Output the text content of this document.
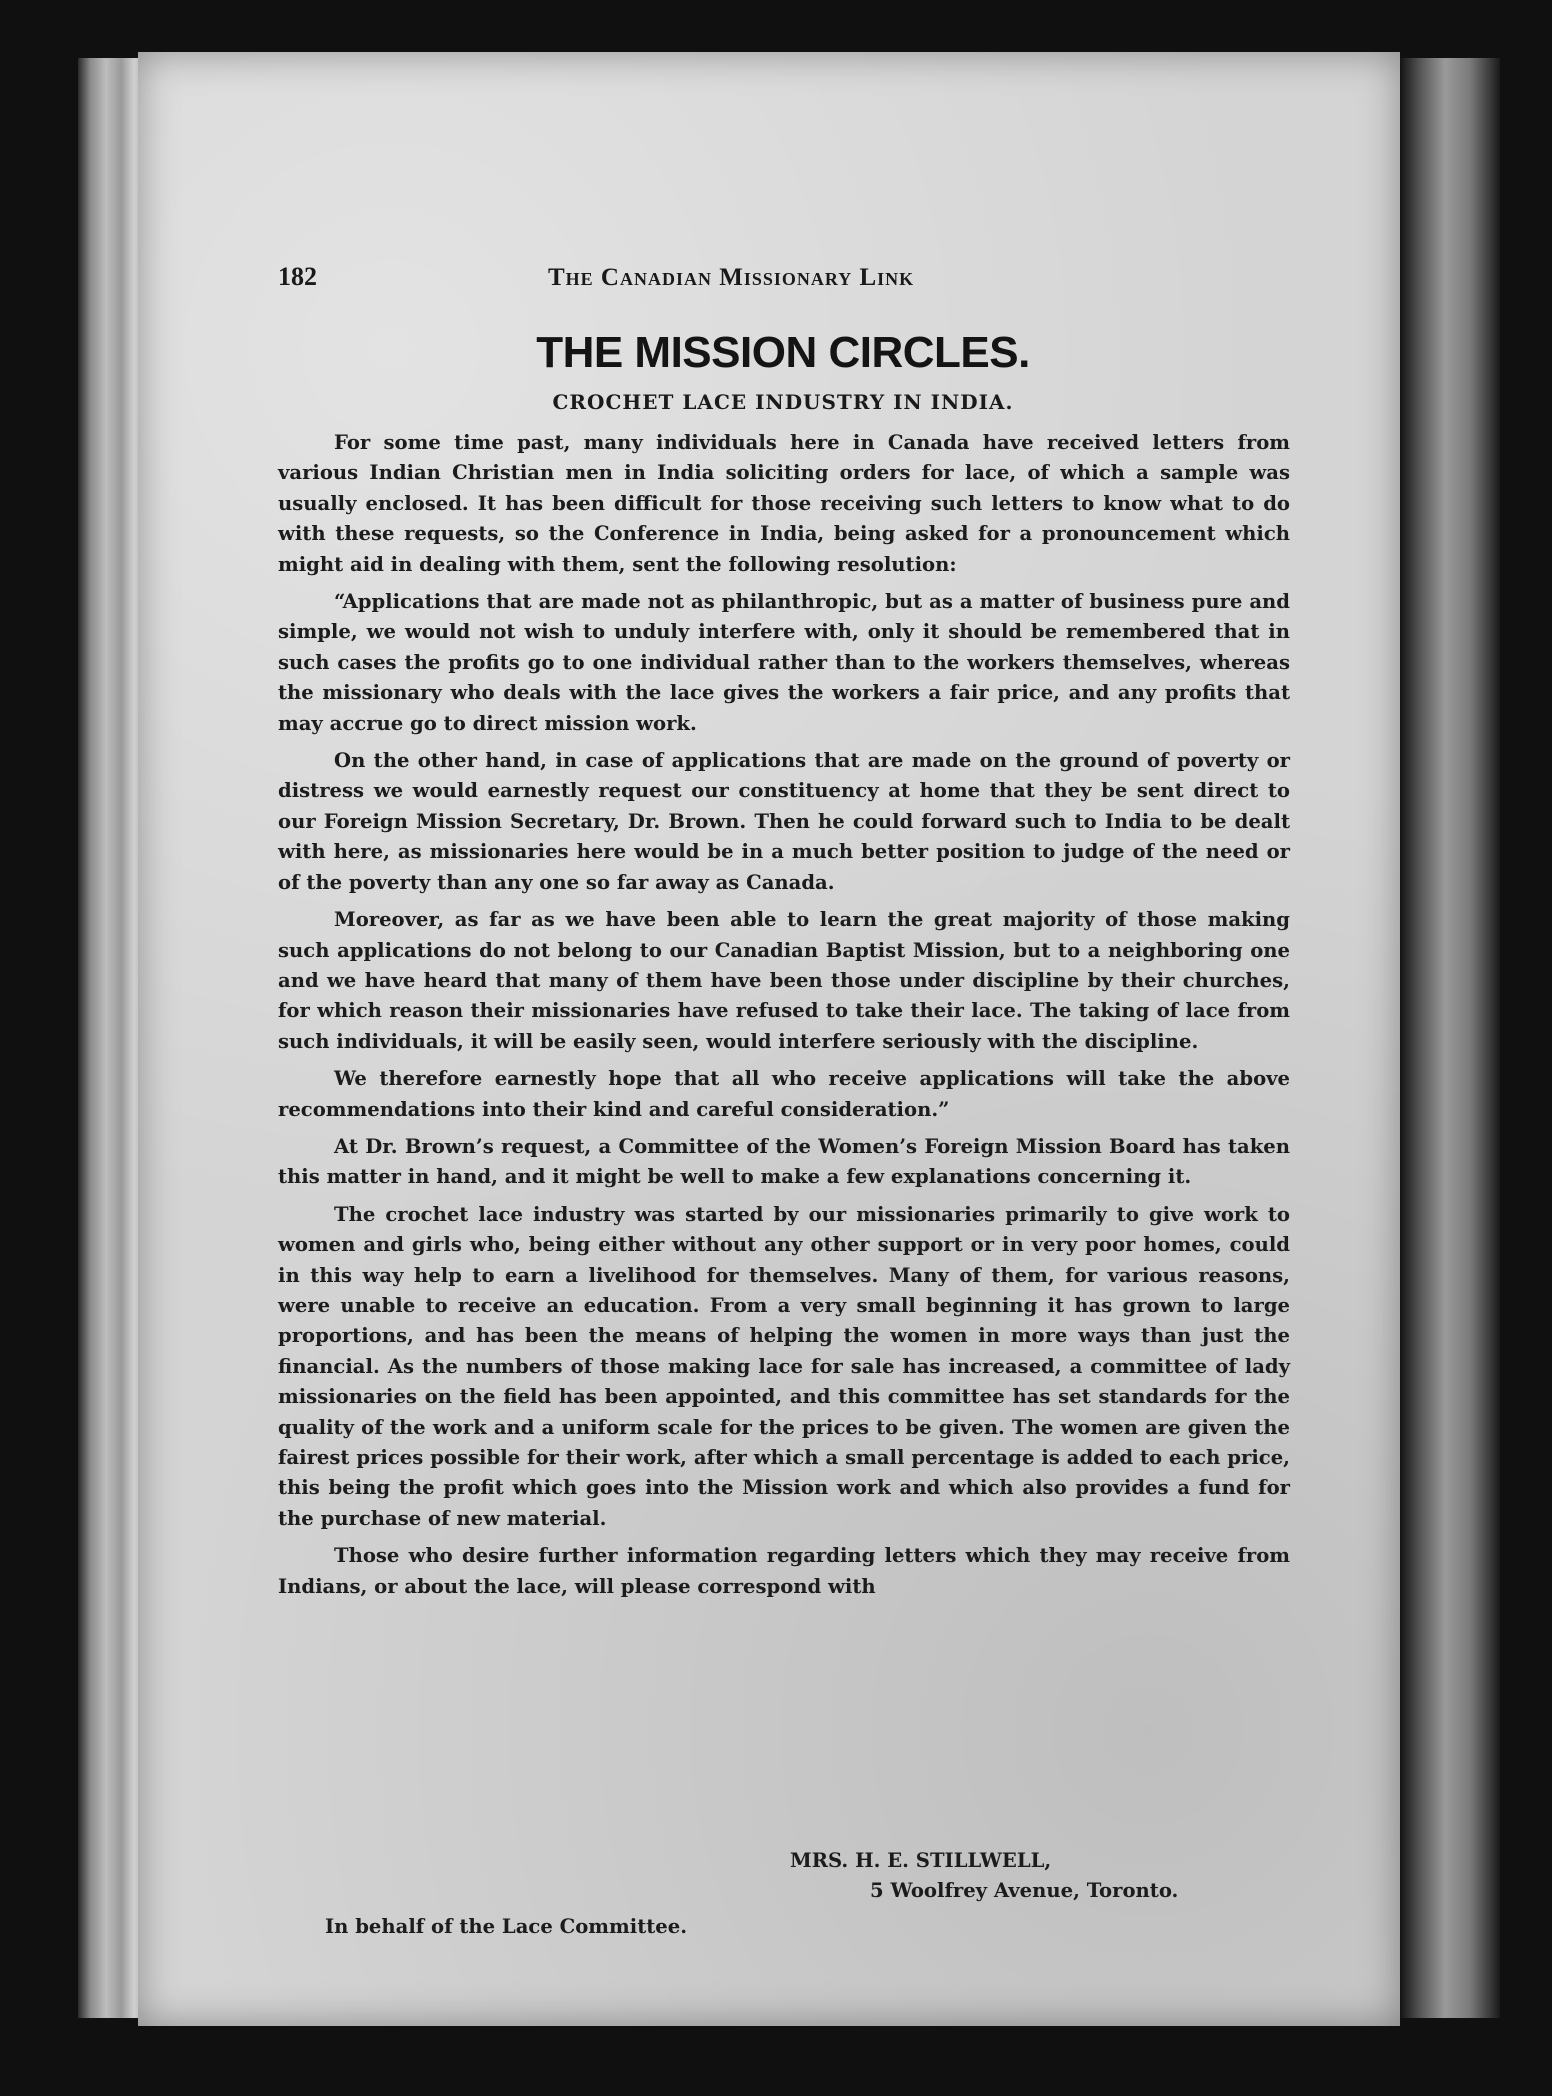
182	The Canadian Missionary Link
THE MISSION CIRCLES.
CROCHET LACE INDUSTRY IN INDIA.

For some time past, many individuals here in Canada have received letters from various Indian Christian men in India soliciting orders for lace, of which a sample was usually enclosed. It has been difficult for those receiving such letters to know what to do with these requests, so the Conference in India, being asked for a pronouncement which might aid in dealing with them, sent the following resolution:

“Applications that are made not as philanthropic, but as a matter of business pure and simple, we would not wish to unduly interfere with, only it should be remembered that in such cases the profits go to one individual rather than to the workers themselves, whereas the missionary who deals with the lace gives the workers a fair price, and any profits that may accrue go to direct mission work.

On the other hand, in case of applications that are made on the ground of poverty or distress we would earnestly request our constituency at home that they be sent direct to our Foreign Mission Secretary, Dr. Brown. Then he could forward such to India to be dealt with here, as missionaries here would be in a much better position to judge of the need or of the poverty than any one so far away as Canada.

Moreover, as far as we have been able to learn the great majority of those making such applications do not belong to our Canadian Baptist Mission, but to a neighboring one and we have heard that many of them have been those under discipline by their churches, for which reason their missionaries have refused to take their lace. The taking of lace from such individuals, it will be easily seen, would interfere seriously with the discipline.

We therefore earnestly hope that all who receive applications will take the above recommendations into their kind and careful consideration.”

At Dr. Brown’s request, a Committee of the Women’s Foreign Mission Board has taken this matter in hand, and it might be well to make a few explanations concerning it.

The crochet lace industry was started by our missionaries primarily to give work to women and girls who, being either without any other support or in very poor homes, could in this way help to earn a livelihood for themselves. Many of them, for various reasons, were unable to receive an education. From a very small beginning it has grown to large proportions, and has been the means of helping the women in more ways than just the financial. As the numbers of those making lace for sale has increased, a committee of lady missionaries on the field has been appointed, and this committee has set standards for the quality of the work and a uniform scale for the prices to be given. The women are given the fairest prices possible for their work, after which a small percentage is added to each price, this being the profit which goes into the Mission work and which also provides a fund for the purchase of new material.

Those who desire further information regarding letters which they may receive from Indians, or about the lace, will please correspond with

MRS. H. E. STILLWELL,
5 Woolfrey Avenue, Toronto.
In behalf of the Lace Committee.
